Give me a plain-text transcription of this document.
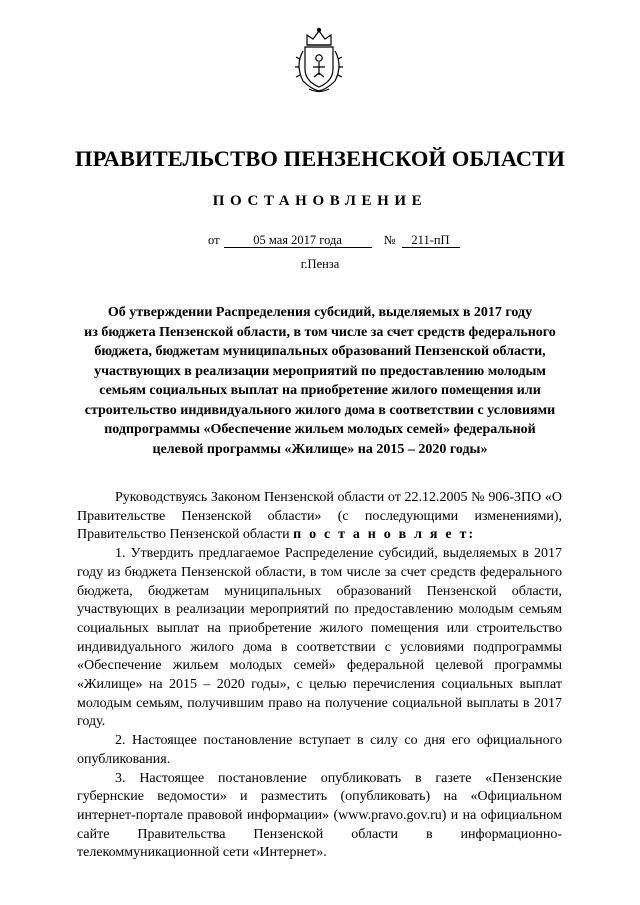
ПРАВИТЕЛЬСТВО ПЕНЗЕНСКОЙ ОБЛАСТИ
ПОСТАНОВЛЕНИЕ
от	05 мая 2017 года	№ 211-пП
г.Пенза
Об утверждении Распределения субсидий, выделяемых в 2017 году
из бюджета Пензенской области, в том числе за счет средств федерального
бюджета, бюджетам муниципальных образований Пензенской области,
участвующих в реализации мероприятий по предоставлению молодым
семьям социальных выплат на приобретение жилого помещения или
строительство индивидуального жилого дома в соответствии с условиями
подпрограммы «Обеспечение жильем молодых семей» федеральной
целевой программы «Жилище» на 2015 – 2020 годы»

Руководствуясь Законом Пензенской области от 22.12.2005 № 906-ЗПО «О Правительстве Пензенской области» (с последующими изменениями), Правительство Пензенской области п о с т а н о в л я е т:

1. Утвердить предлагаемое Распределение субсидий, выделяемых в 2017 году из бюджета Пензенской области, в том числе за счет средств федерального бюджета, бюджетам муниципальных образований Пензенской области, участвующих в реализации мероприятий по предоставлению молодым семьям социальных выплат на приобретение жилого помещения или строительство индивидуального жилого дома в соответствии с условиями подпрограммы «Обеспечение жильем молодых семей» федеральной целевой программы «Жилище» на 2015 – 2020 годы», с целью перечисления социальных выплат молодым семьям, получившим право на получение социальной выплаты в 2017 году.

2. Настоящее постановление вступает в силу со дня его официального опубликования.

3. Настоящее постановление опубликовать в газете «Пензенские губернские ведомости» и разместить (опубликовать) на «Официальном интернет-портале правовой информации» (www.pravo.gov.ru) и на официальном сайте Правительства Пензенской области в информационно-телекоммуникационной сети «Интернет».
